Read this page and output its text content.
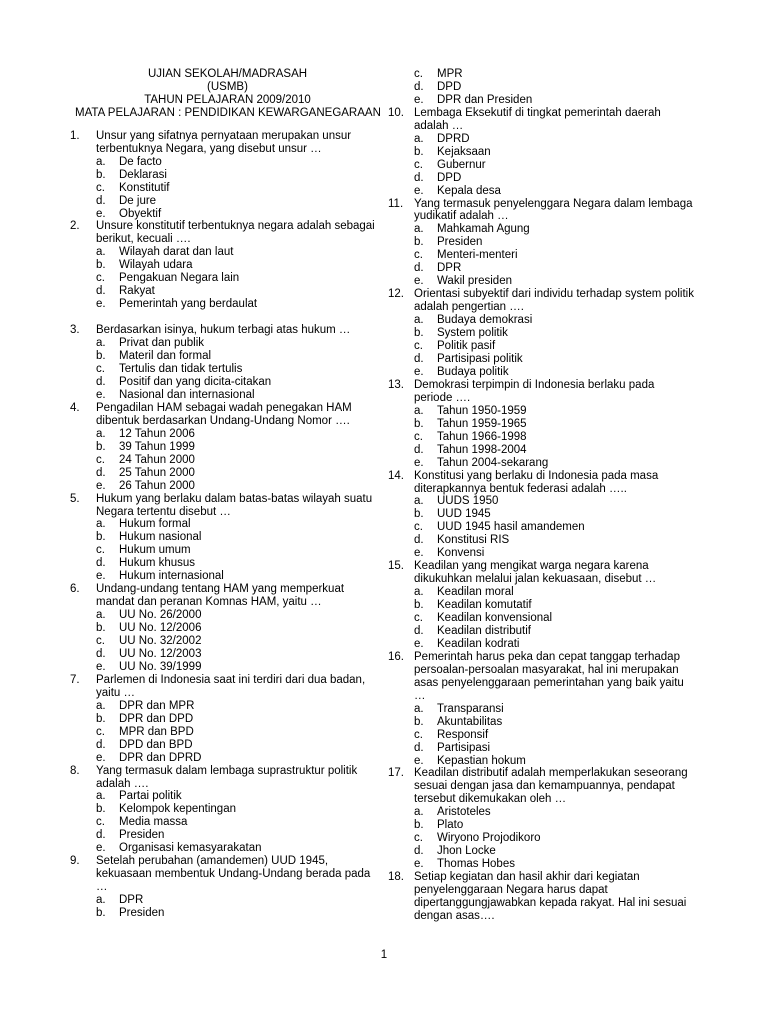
UJIAN SEKOLAH/MADRASAH
(USMB)
TAHUN PELAJARAN 2009/2010
MATA PELAJARAN : PENDIDIKAN KEWARGANEGARAAN
1.	Unsur yang sifatnya pernyataan merupakan unsur terbentuknya Negara, yang disebut unsur …
a.	De facto
b.	Deklarasi
c.	Konstitutif
d.	De jure
e.	Obyektif
2.	Unsure konstitutif terbentuknya negara adalah sebagai berikut, kecuali ….
a.	Wilayah darat dan laut
b.	Wilayah udara
c.	Pengakuan Negara lain
d.	Rakyat
e.	Pemerintah yang berdaulat
3.	Berdasarkan isinya, hukum terbagi atas hukum …
a.	Privat dan publik
b.	Materil dan formal
c.	Tertulis dan tidak tertulis
d.	Positif dan yang dicita-citakan
e.	Nasional dan internasional
4.	Pengadilan HAM sebagai wadah penegakan HAM dibentuk berdasarkan Undang-Undang Nomor ….
a.	12 Tahun 2006
b.	39 Tahun 1999
c.	24 Tahun 2000
d.	25 Tahun 2000
e.	26 Tahun 2000
5.	Hukum yang berlaku dalam batas-batas wilayah suatu Negara tertentu disebut …
a.	Hukum formal
b.	Hukum nasional
c.	Hukum umum
d.	Hukum khusus
e.	Hukum internasional
6.	Undang-undang tentang HAM yang memperkuat mandat dan peranan Komnas HAM, yaitu …
a.	UU No. 26/2000
b.	UU No. 12/2006
c.	UU No. 32/2002
d.	UU No. 12/2003
e.	UU No. 39/1999
7.	Parlemen di Indonesia saat ini terdiri dari dua badan, yaitu …
a.	DPR dan MPR
b.	DPR dan DPD
c.	MPR dan BPD
d.	DPD dan BPD
e.	DPR dan DPRD
8.	Yang termasuk dalam lembaga suprastruktur politik adalah ….
a.	Partai politik
b.	Kelompok kepentingan
c.	Media massa
d.	Presiden
e.	Organisasi kemasyarakatan
9.	Setelah perubahan (amandemen) UUD 1945, kekuasaan membentuk Undang-Undang berada pada …
a.	DPR
b.	Presiden
c.	MPR
d.	DPD
e.	DPR dan Presiden
10. Lembaga Eksekutif di tingkat pemerintah daerah adalah …
a.	DPRD
b.	Kejaksaan
c.	Gubernur
d.	DPD
e.	Kepala desa
11. Yang termasuk penyelenggara Negara dalam lembaga yudikatif adalah …
a.	Mahkamah Agung
b.	Presiden
c.	Menteri-menteri
d.	DPR
e.	Wakil presiden
12. Orientasi subyektif dari individu terhadap system politik adalah pengertian ….
a.	Budaya demokrasi
b.	System politik
c.	Politik pasif
d.	Partisipasi politik
e.	Budaya politik
13. Demokrasi terpimpin di Indonesia berlaku pada periode ….
a.	Tahun 1950-1959
b.	Tahun 1959-1965
c.	Tahun 1966-1998
d.	Tahun 1998-2004
e.	Tahun 2004-sekarang
14. Konstitusi yang berlaku di Indonesia pada masa diterapkannya bentuk federasi adalah …..
a.	UUDS 1950
b.	UUD 1945
c.	UUD 1945 hasil amandemen
d.	Konstitusi RIS
e.	Konvensi
15. Keadilan yang mengikat warga negara karena dikukuhkan melalui jalan kekuasaan, disebut …
a.	Keadilan moral
b.	Keadilan komutatif
c.	Keadilan konvensional
d.	Keadilan distributif
e.	Keadilan kodrati
16. Pemerintah harus peka dan cepat tanggap terhadap persoalan-persoalan masyarakat, hal ini merupakan asas penyelenggaraan pemerintahan yang baik yaitu …
a.	Transparansi
b.	Akuntabilitas
c.	Responsif
d.	Partisipasi
e.	Kepastian hokum
17. Keadilan distributif adalah memperlakukan seseorang sesuai dengan jasa dan kemampuannya, pendapat tersebut dikemukakan oleh …
a.	Aristoteles
b.	Plato
c.	Wiryono Projodikoro
d.	Jhon Locke
e.	Thomas Hobes
18. Setiap kegiatan dan hasil akhir dari kegiatan penyelenggaraan Negara harus dapat dipertanggungjawabkan kepada rakyat. Hal ini sesuai dengan asas….
1
